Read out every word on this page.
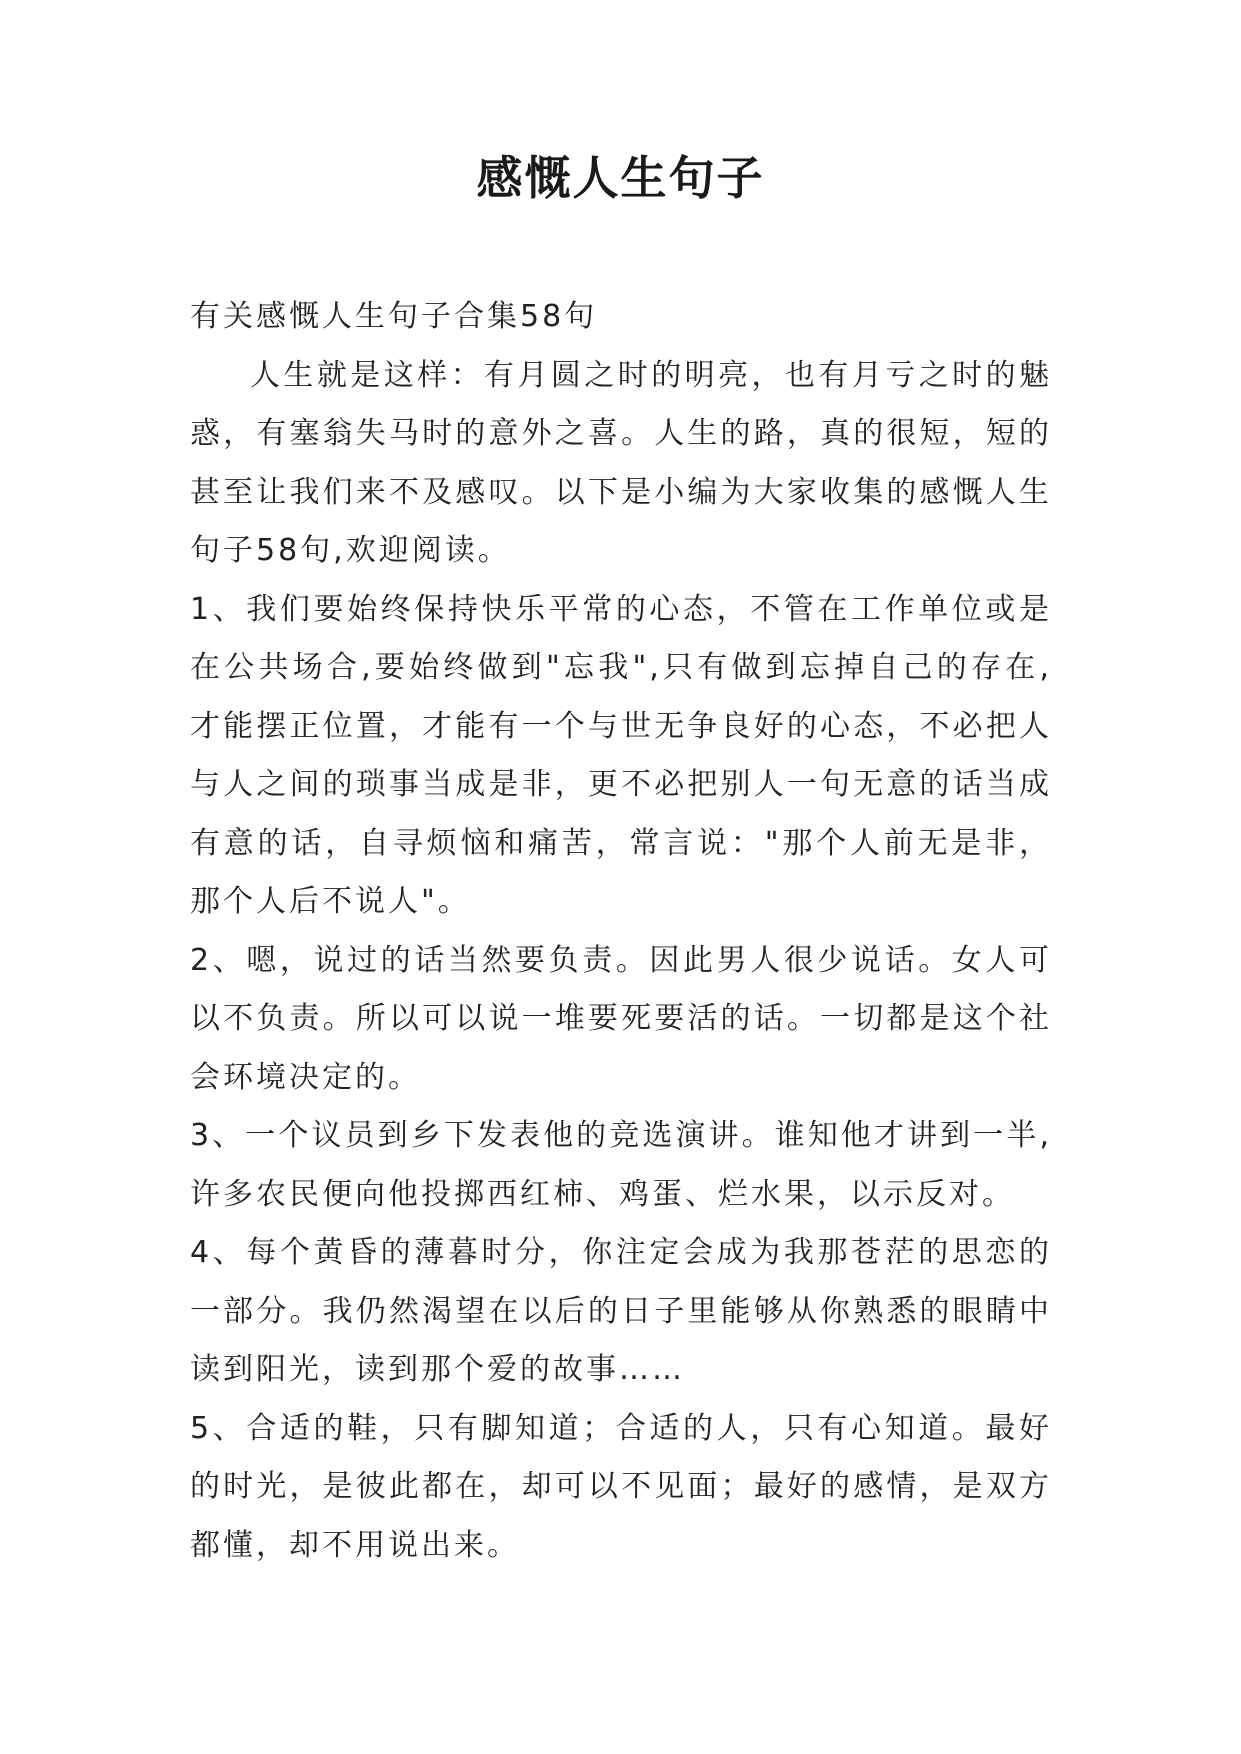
感慨人生句子

有关感慨人生句子合集58句

人生就是这样：有月圆之时的明亮，也有月亏之时的魅惑，有塞翁失马时的意外之喜。人生的路，真的很短，短的甚至让我们来不及感叹。以下是小编为大家收集的感慨人生句子58句,欢迎阅读。

1、我们要始终保持快乐平常的心态，不管在工作单位或是在公共场合,要始终做到"忘我",只有做到忘掉自己的存在,才能摆正位置，才能有一个与世无争良好的心态，不必把人与人之间的琐事当成是非，更不必把别人一句无意的话当成有意的话，自寻烦恼和痛苦，常言说："那个人前无是非，那个人后不说人"。

2、嗯，说过的话当然要负责。因此男人很少说话。女人可以不负责。所以可以说一堆要死要活的话。一切都是这个社会环境决定的。

3、一个议员到乡下发表他的竞选演讲。谁知他才讲到一半,许多农民便向他投掷西红柿、鸡蛋、烂水果，以示反对。

4、每个黄昏的薄暮时分，你注定会成为我那苍茫的思恋的一部分。我仍然渴望在以后的日子里能够从你熟悉的眼睛中读到阳光，读到那个爱的故事……

5、合适的鞋，只有脚知道；合适的人，只有心知道。最好的时光，是彼此都在，却可以不见面；最好的感情，是双方都懂，却不用说出来。
